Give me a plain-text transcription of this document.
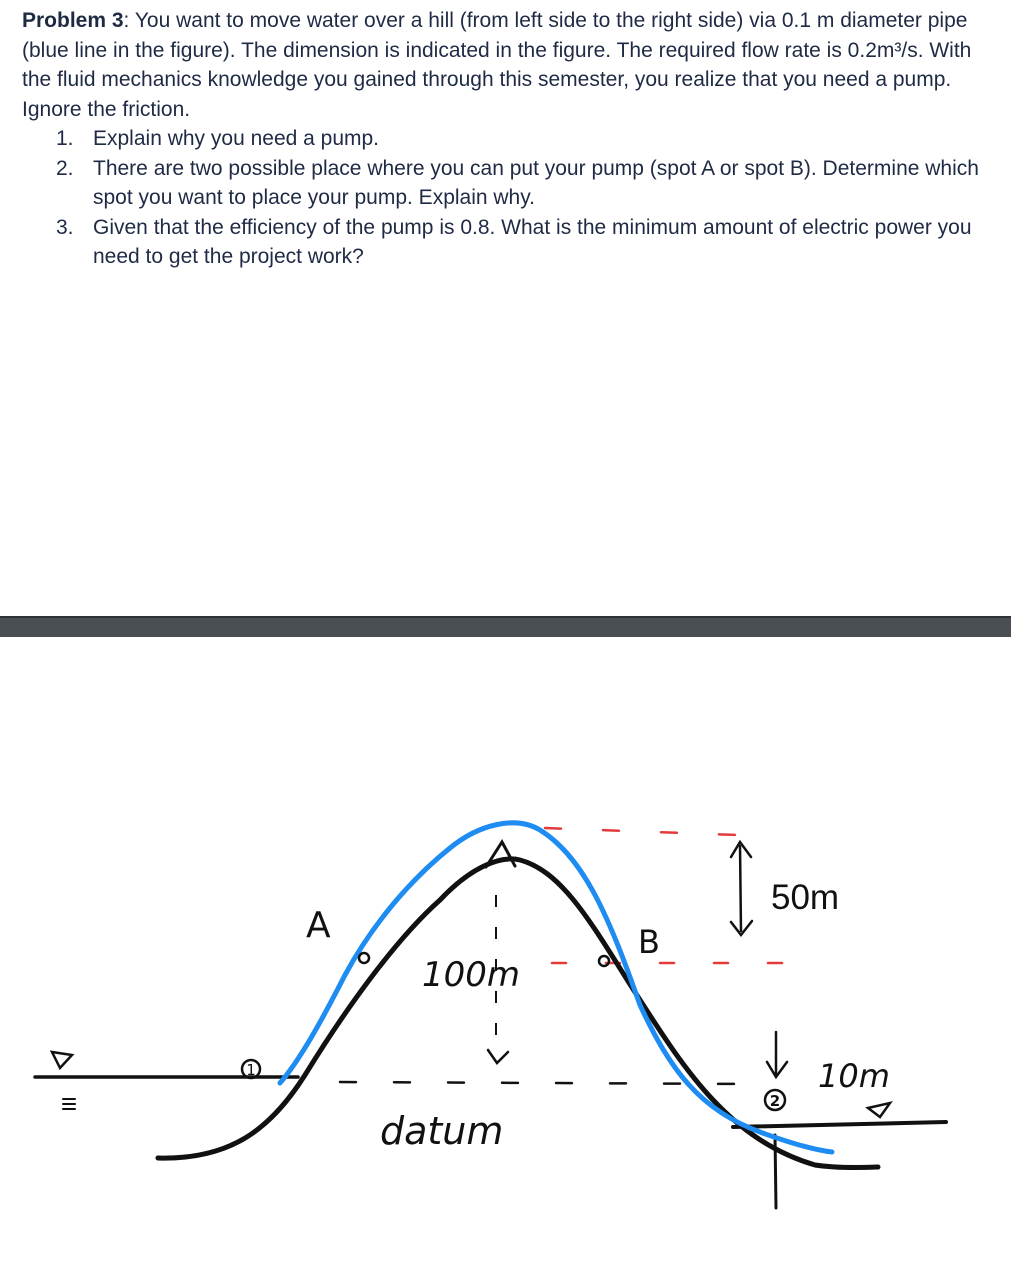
Problem 3: You want to move water over a hill (from left side to the right side) via 0.1 m diameter pipe (blue line in the figure). The dimension is indicated in the figure. The required flow rate is 0.2m³/s. With the fluid mechanics knowledge you gained through this semester, you realize that you need a pump. Ignore the friction.

1. Explain why you need a pump.
2. There are two possible place where you can put your pump (spot A or spot B). Determine which spot you want to place your pump. Explain why.
3. Given that the efficiency of the pump is 0.8. What is the minimum amount of electric power you need to get the project work?
1
2
A	B
100m
50m
10m
datum
